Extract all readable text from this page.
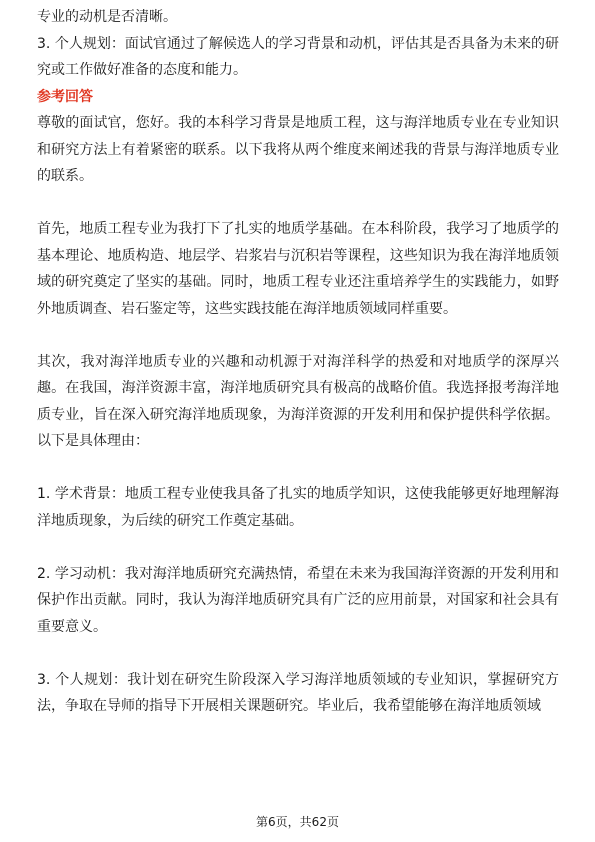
专业的动机是否清晰。

3. 个人规划：面试官通过了解候选人的学习背景和动机，评估其是否具备为未来的研究或工作做好准备的态度和能力。

参考回答

尊敬的面试官，您好。我的本科学习背景是地质工程，这与海洋地质专业在专业知识和研究方法上有着紧密的联系。以下我将从两个维度来阐述我的背景与海洋地质专业的联系。

首先，地质工程专业为我打下了扎实的地质学基础。在本科阶段，我学习了地质学的基本理论、地质构造、地层学、岩浆岩与沉积岩等课程，这些知识为我在海洋地质领域的研究奠定了坚实的基础。同时，地质工程专业还注重培养学生的实践能力，如野外地质调查、岩石鉴定等，这些实践技能在海洋地质领域同样重要。

其次，我对海洋地质专业的兴趣和动机源于对海洋科学的热爱和对地质学的深厚兴趣。在我国，海洋资源丰富，海洋地质研究具有极高的战略价值。我选择报考海洋地质专业，旨在深入研究海洋地质现象，为海洋资源的开发利用和保护提供科学依据。以下是具体理由：

1. 学术背景：地质工程专业使我具备了扎实的地质学知识，这使我能够更好地理解海洋地质现象，为后续的研究工作奠定基础。

2. 学习动机：我对海洋地质研究充满热情，希望在未来为我国海洋资源的开发利用和保护作出贡献。同时，我认为海洋地质研究具有广泛的应用前景，对国家和社会具有重要意义。

3. 个人规划：我计划在研究生阶段深入学习海洋地质领域的专业知识，掌握研究方法，争取在导师的指导下开展相关课题研究。毕业后，我希望能够在海洋地质领域

第6页，共62页
